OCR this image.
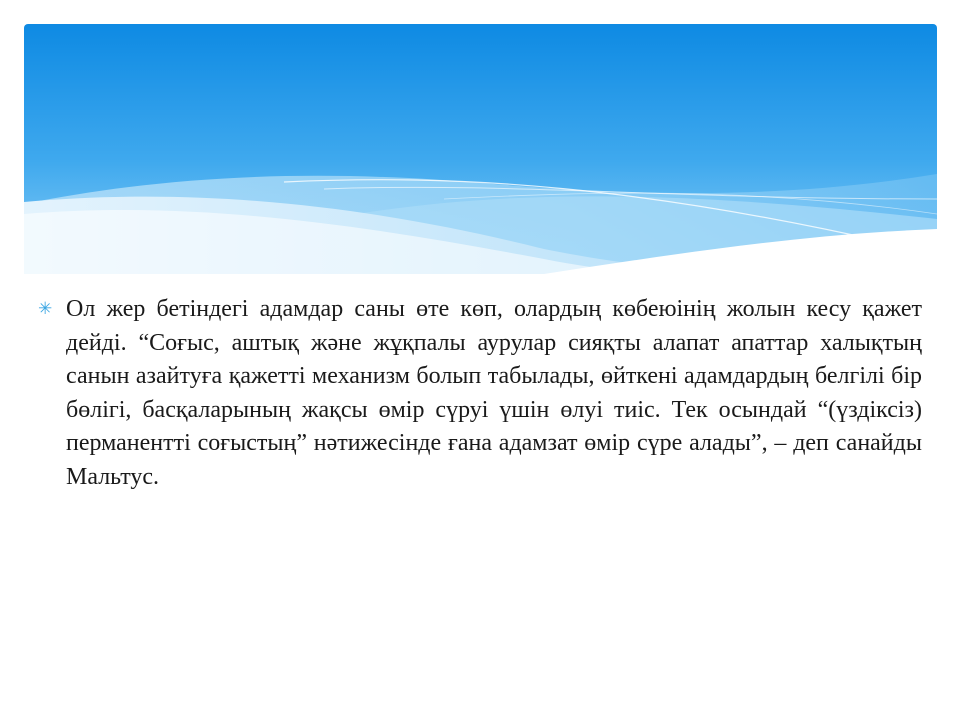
✳ Ол жер бетіндегі адамдар саны өте көп, олардың көбеюінің жолын кесу қажет дейді. “Соғыс, аштық және жұқпалы аурулар сияқты алапат апаттар халықтың санын азайтуға қажетті механизм болып табылады, өйткені адамдардың белгілі бір бөлігі, басқаларының жақсы өмір сүруі үшін өлуі тиіс. Тек осындай “(үздіксіз) перманентті соғыстың” нәтижесінде ғана адамзат өмір сүре алады”, – деп санайды Мальтус.
